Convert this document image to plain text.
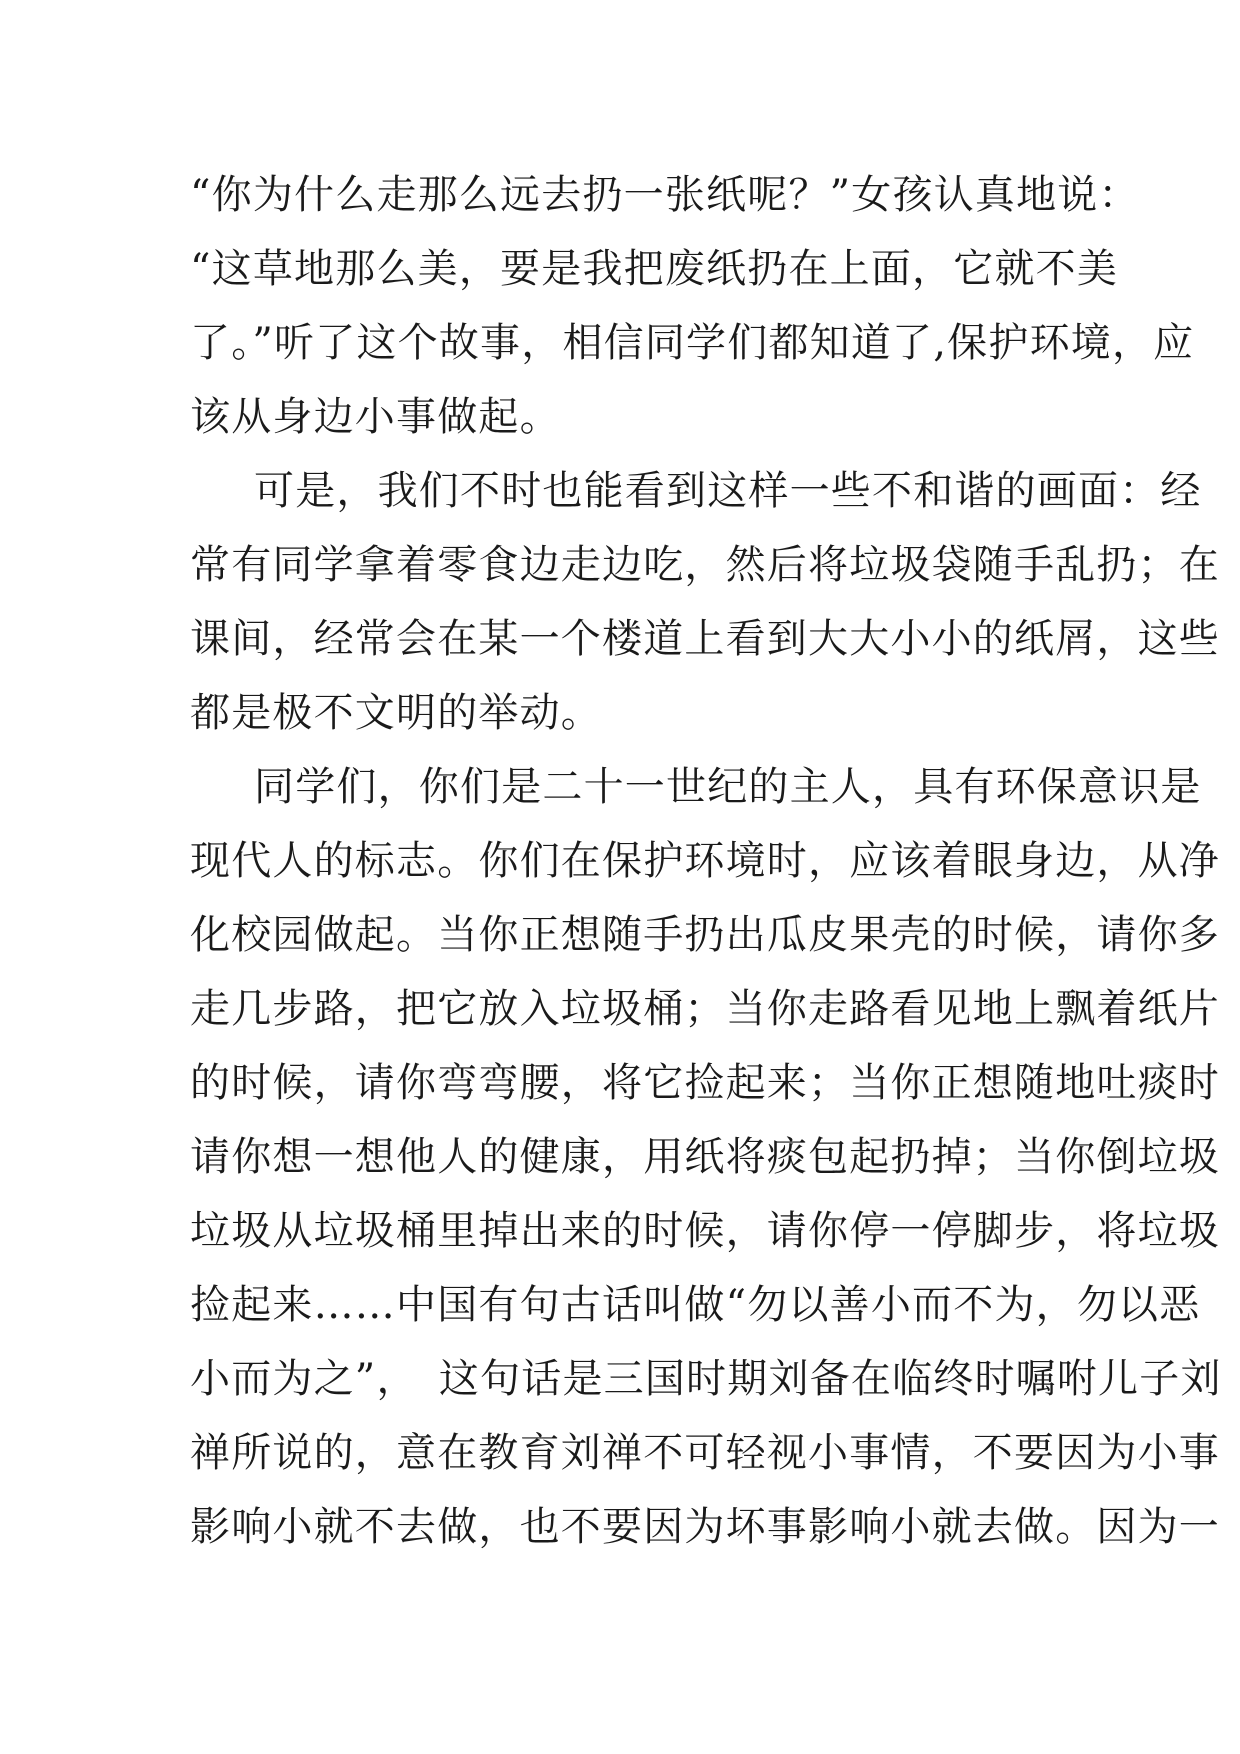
“你为什么走那么远去扔一张纸呢？”女孩认真地说：
“这草地那么美，要是我把废纸扔在上面，它就不美
了。”听了这个故事，相信同学们都知道了,保护环境，应
该从身边小事做起。
可是，我们不时也能看到这样一些不和谐的画面：经
常有同学拿着零食边走边吃，然后将垃圾袋随手乱扔；在
课间，经常会在某一个楼道上看到大大小小的纸屑，这些
都是极不文明的举动。
同学们，你们是二十一世纪的主人，具有环保意识是
现代人的标志。你们在保护环境时，应该着眼身边，从净
化校园做起。当你正想随手扔出瓜皮果壳的时候，请你多
走几步路，把它放入垃圾桶；当你走路看见地上飘着纸片
的时候，请你弯弯腰，将它捡起来；当你正想随地吐痰时
请你想一想他人的健康，用纸将痰包起扔掉；当你倒垃圾
垃圾从垃圾桶里掉出来的时候，请你停一停脚步，将垃圾
捡起来……中国有句古话叫做“勿以善小而不为，勿以恶
小而为之”，　这句话是三国时期刘备在临终时嘱咐儿子刘
禅所说的，意在教育刘禅不可轻视小事情，不要因为小事
影响小就不去做，也不要因为坏事影响小就去做。因为一
